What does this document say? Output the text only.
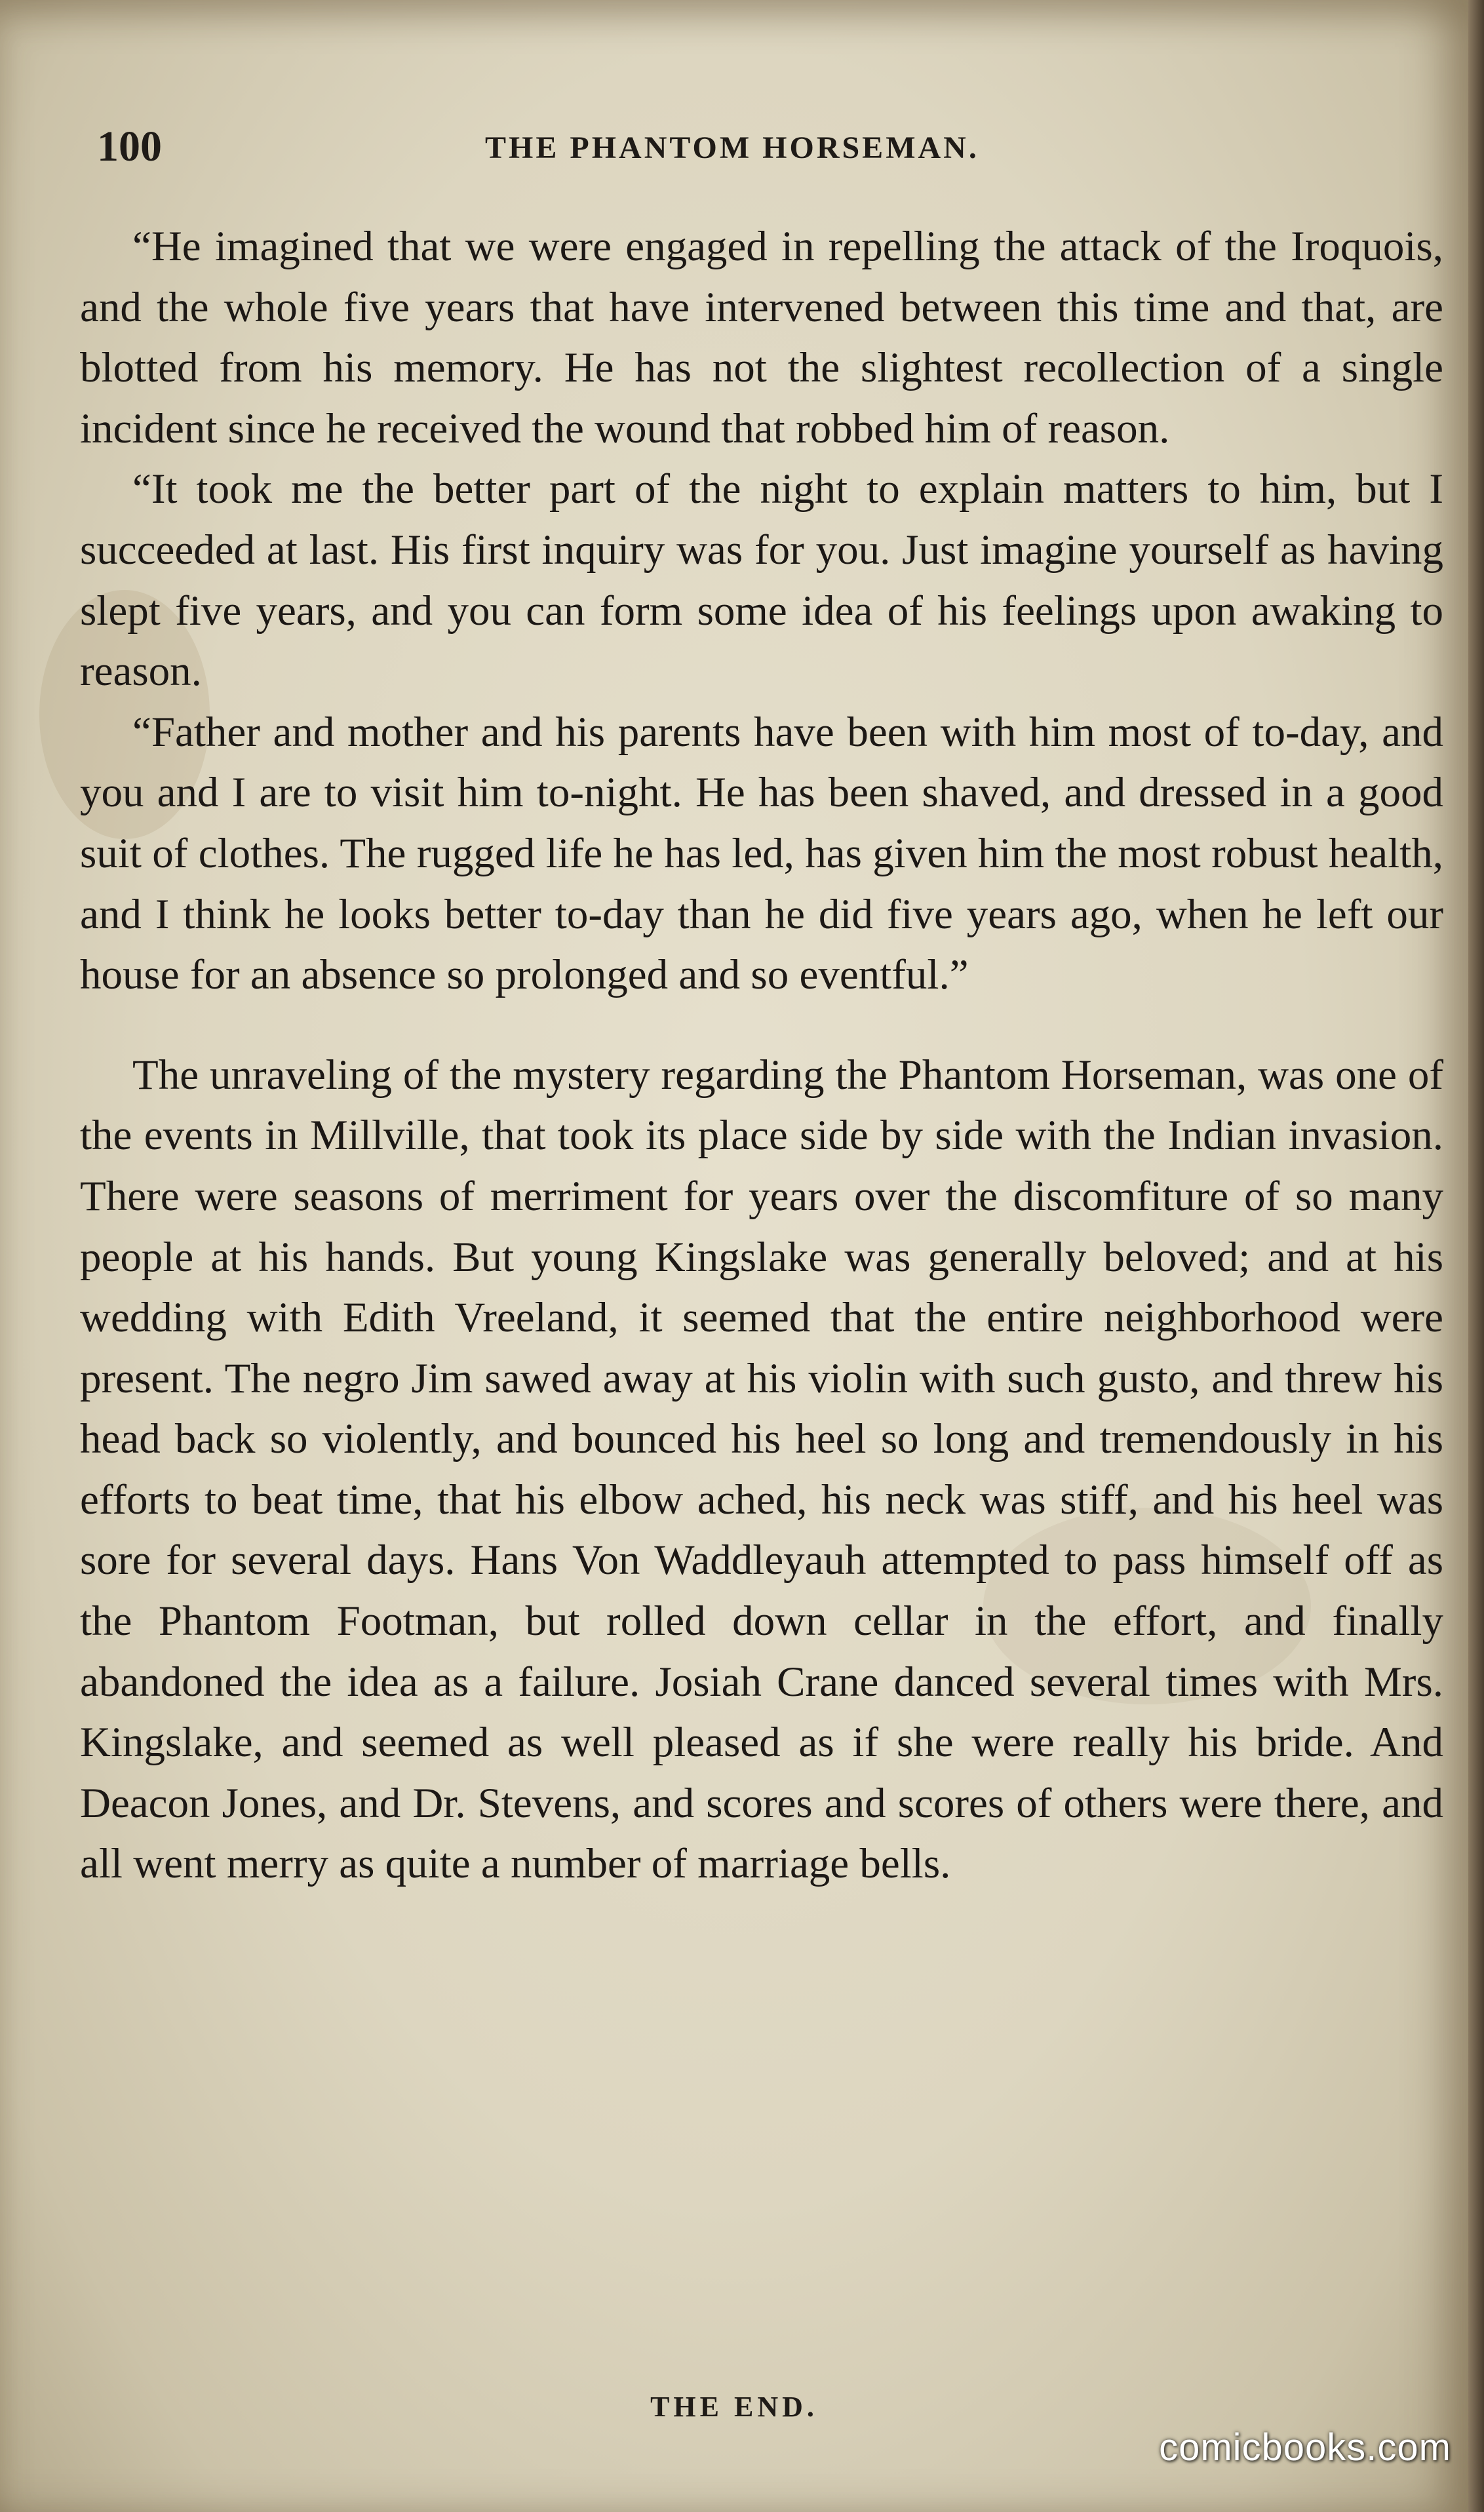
100	THE PHANTOM HORSEMAN.

“He imagined that we were engaged in repelling the attack of the Iroquois, and the whole five years that have intervened between this time and that, are blotted from his memory. He has not the slightest recollection of a single incident since he received the wound that robbed him of reason.

“It took me the better part of the night to explain matters to him, but I succeeded at last. His first inquiry was for you. Just imagine yourself as having slept five years, and you can form some idea of his feelings upon awaking to reason.

“Father and mother and his parents have been with him most of to-day, and you and I are to visit him to-night. He has been shaved, and dressed in a good suit of clothes. The rugged life he has led, has given him the most robust health, and I think he looks better to-day than he did five years ago, when he left our house for an absence so prolonged and so eventful.”

The unraveling of the mystery regarding the Phantom Horseman, was one of the events in Millville, that took its place side by side with the Indian invasion. There were seasons of merriment for years over the discomfiture of so many people at his hands. But young Kingslake was generally beloved; and at his wedding with Edith Vreeland, it seemed that the entire neighborhood were present. The negro Jim sawed away at his violin with such gusto, and threw his head back so violently, and bounced his heel so long and tremendously in his efforts to beat time, that his elbow ached, his neck was stiff, and his heel was sore for several days. Hans Von Waddleyauh attempted to pass himself off as the Phantom Footman, but rolled down cellar in the effort, and finally abandoned the idea as a failure. Josiah Crane danced several times with Mrs. Kingslake, and seemed as well pleased as if she were really his bride. And Deacon Jones, and Dr. Stevens, and scores and scores of others were there, and all went merry as quite a number of marriage bells.

THE END.
comicbooks.com
